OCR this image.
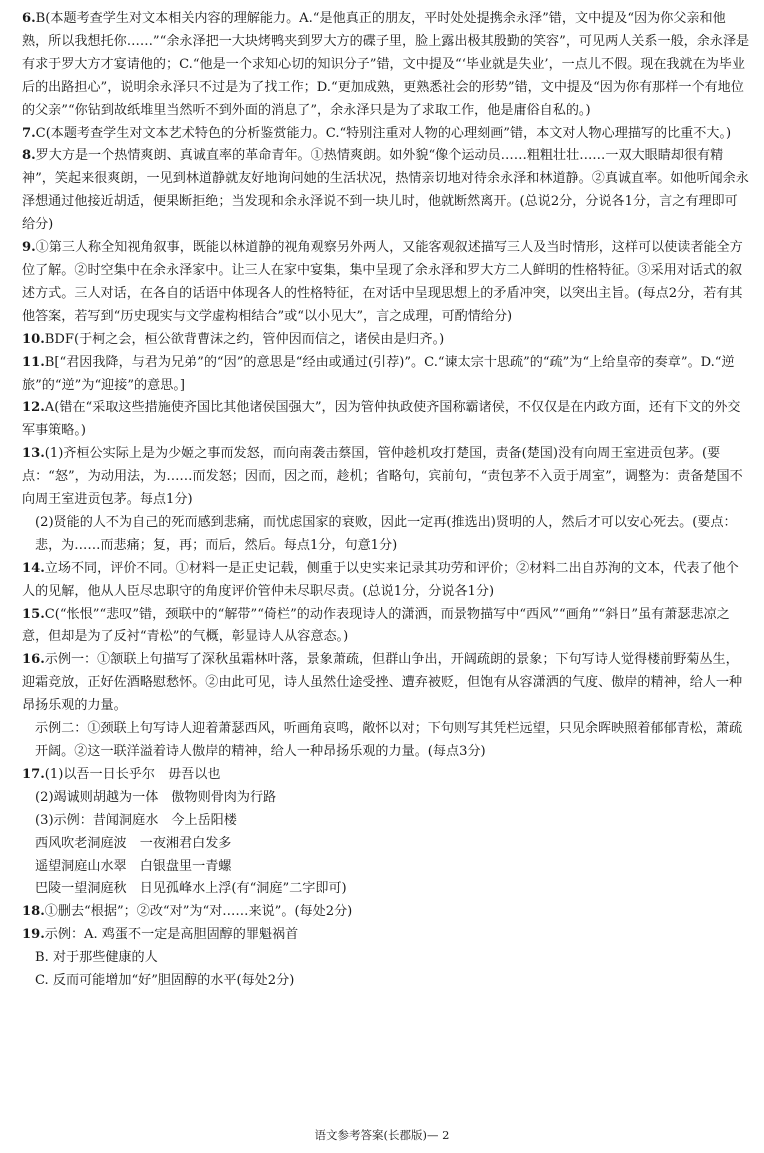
6.B(本题考查学生对文本相关内容的理解能力。A.“是他真正的朋友，平时处处提携余永泽”错，文中提及“因为你父亲和他熟，所以我想托你……”“余永泽把一大块烤鸭夹到罗大方的碟子里，脸上露出极其殷勤的笑容”，可见两人关系一般，余永泽是有求于罗大方才宴请他的；C.“他是一个求知心切的知识分子”错，文中提及“‘毕业就是失业’，一点儿不假。现在我就在为毕业后的出路担心”，说明余永泽只不过是为了找工作；D.“更加成熟，更熟悉社会的形势”错，文中提及“因为你有那样一个有地位的父亲”“你钻到故纸堆里当然听不到外面的消息了”，余永泽只是为了求取工作，他是庸俗自私的。)

7.C(本题考查学生对文本艺术特色的分析鉴赏能力。C.“特别注重对人物的心理刻画”错，本文对人物心理描写的比重不大。)

8.罗大方是一个热情爽朗、真诚直率的革命青年。①热情爽朗。如外貌“像个运动员……粗粗壮壮……一双大眼睛却很有精神”，笑起来很爽朗，一见到林道静就友好地询问她的生活状况，热情亲切地对待余永泽和林道静。②真诚直率。如他听闻余永泽想通过他接近胡适，便果断拒绝；当发现和余永泽说不到一块儿时，他就断然离开。(总说2分，分说各1分，言之有理即可给分)

9.①第三人称全知视角叙事，既能以林道静的视角观察另外两人，又能客观叙述描写三人及当时情形，这样可以使读者能全方位了解。②时空集中在余永泽家中。让三人在家中宴集，集中呈现了余永泽和罗大方二人鲜明的性格特征。③采用对话式的叙述方式。三人对话，在各自的话语中体现各人的性格特征，在对话中呈现思想上的矛盾冲突，以突出主旨。(每点2分，若有其他答案，若写到“历史现实与文学虚构相结合”或“以小见大”，言之成理，可酌情给分)

10.BDF(于柯之会，桓公欲背曹沫之约，管仲因而信之，诸侯由是归齐。)

11.B[“君因我降，与君为兄弟”的“因”的意思是“经由或通过(引荐)”。C.“谏太宗十思疏”的“疏”为“上给皇帝的奏章”。D.“逆旅”的“逆”为“迎接”的意思。]

12.A(错在“采取这些措施使齐国比其他诸侯国强大”，因为管仲执政使齐国称霸诸侯，不仅仅是在内政方面，还有下文的外交军事策略。)

13.(1)齐桓公实际上是为少姬之事而发怒，而向南袭击蔡国，管仲趁机攻打楚国，责备(楚国)没有向周王室进贡包茅。(要点：“怒”，为动用法，为……而发怒；因而，因之而，趁机；省略句，宾前句，“责包茅不入贡于周室”，调整为：责备楚国不向周王室进贡包茅。每点1分)

(2)贤能的人不为自己的死而感到悲痛，而忧虑国家的衰败，因此一定再(推选出)贤明的人，然后才可以安心死去。(要点：悲，为……而悲痛；复，再；而后，然后。每点1分，句意1分)

14.立场不同，评价不同。①材料一是正史记载，侧重于以史实来记录其功劳和评价；②材料二出自苏洵的文本，代表了他个人的见解，他从人臣尽忠职守的角度评价管仲未尽职尽责。(总说1分，分说各1分)

15.C(“怅恨”“悲叹”错，颈联中的“解带”“倚栏”的动作表现诗人的潇洒，而景物描写中“西风”“画角”“斜日”虽有萧瑟悲凉之意，但却是为了反衬“青松”的气概，彰显诗人从容意态。)

16.示例一：①颔联上句描写了深秋虽霜林叶落，景象萧疏，但群山争出，开阔疏朗的景象；下句写诗人觉得楼前野菊丛生，迎霜竞放，正好佐酒略慰愁怀。②由此可见，诗人虽然仕途受挫、遭弃被贬，但饱有从容潇洒的气度、傲岸的精神，给人一种昂扬乐观的力量。

示例二：①颈联上句写诗人迎着萧瑟西风，听画角哀鸣，敞怀以对；下句则写其凭栏远望，只见余晖映照着郁郁青松，萧疏开阔。②这一联洋溢着诗人傲岸的精神，给人一种昂扬乐观的力量。(每点3分)

17.(1)以吾一日长乎尔　毋吾以也

(2)竭诚则胡越为一体　傲物则骨肉为行路

(3)示例：昔闻洞庭水　今上岳阳楼

西风吹老洞庭波　一夜湘君白发多

遥望洞庭山水翠　白银盘里一青螺

巴陵一望洞庭秋　日见孤峰水上浮(有“洞庭”二字即可)

18.①删去“根据”；②改“对”为“对……来说”。(每处2分)

19.示例：A. 鸡蛋不一定是高胆固醇的罪魁祸首

B. 对于那些健康的人

C. 反而可能增加“好”胆固醇的水平(每处2分)

语文参考答案(长郡版)— 2
